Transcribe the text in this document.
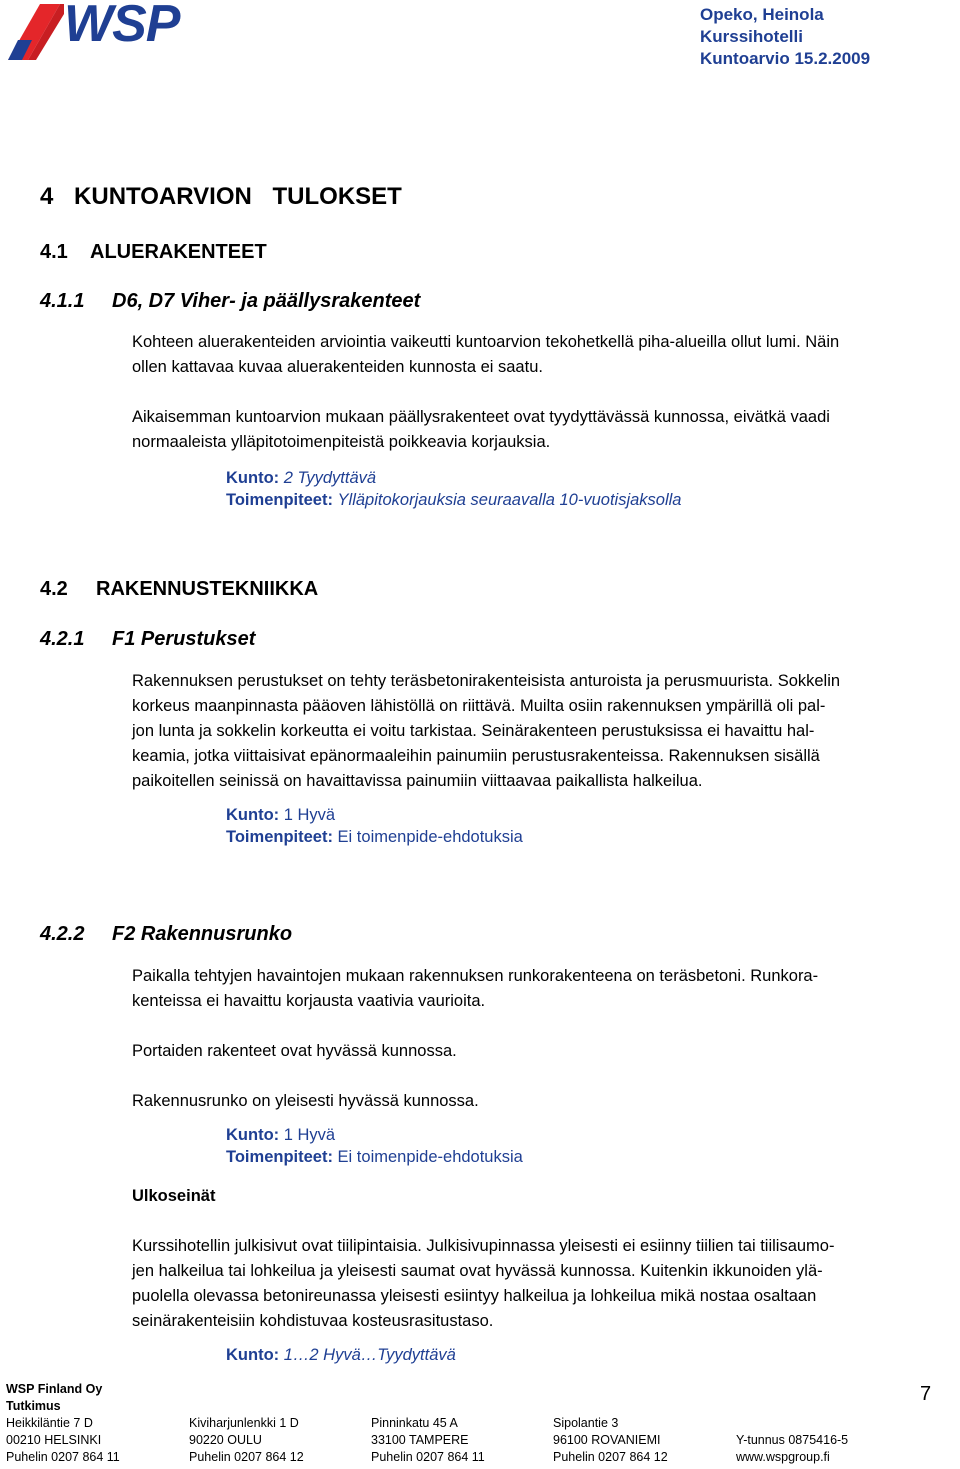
WSP	Opeko, Heinola
Kurssihotelli
Kuntoarvio 15.2.2009
4 KUNTOARVION TULOKSET
4.1 ALUERAKENTEET
4.1.1 D6, D7 Viher- ja päällysrakenteet
Kohteen aluerakenteiden arviointia vaikeutti kuntoarvion tekohetkellä piha-alueilla ollut lumi. Näin
ollen kattavaa kuvaa aluerakenteiden kunnosta ei saatu.
Aikaisemman kuntoarvion mukaan päällysrakenteet ovat tyydyttävässä kunnossa, eivätkä vaadi
normaaleista ylläpitotoimenpiteistä poikkeavia korjauksia.
Kunto: 2 Tyydyttävä
Toimenpiteet: Ylläpitokorjauksia seuraavalla 10-vuotisjaksolla
4.2 RAKENNUSTEKNIIKKA
4.2.1 F1 Perustukset
Rakennuksen perustukset on tehty teräsbetonirakenteisista anturoista ja perusmuurista. Sokkelin
korkeus maanpinnasta pääoven lähistöllä on riittävä. Muilta osiin rakennuksen ympärillä oli pal-
jon lunta ja sokkelin korkeutta ei voitu tarkistaa. Seinärakenteen perustuksissa ei havaittu hal-
keamia, jotka viittaisivat epänormaaleihin painumiin perustusrakenteissa. Rakennuksen sisällä
paikoitellen seinissä on havaittavissa painumiin viittaavaa paikallista halkeilua.
Kunto: 1 Hyvä
Toimenpiteet: Ei toimenpide-ehdotuksia
4.2.2 F2 Rakennusrunko
Paikalla tehtyjen havaintojen mukaan rakennuksen runkorakenteena on teräsbetoni. Runkora-
kenteissa ei havaittu korjausta vaativia vaurioita.
Portaiden rakenteet ovat hyvässä kunnossa.
Rakennusrunko on yleisesti hyvässä kunnossa.
Kunto: 1 Hyvä
Toimenpiteet: Ei toimenpide-ehdotuksia
Ulkoseinät
Kurssihotellin julkisivut ovat tiilipintaisia. Julkisivupinnassa yleisesti ei esiinny tiilien tai tiilisaumo-
jen halkeilua tai lohkeilua ja yleisesti saumat ovat hyvässä kunnossa. Kuitenkin ikkunoiden ylä-
puolella olevassa betonireunassa yleisesti esiintyy halkeilua ja lohkeilua mikä nostaa osaltaan
seinärakenteisiin kohdistuvaa kosteusrasitustaso.
Kunto: 1…2 Hyvä…Tyydyttävä
WSP Finland Oy
Tutkimus
7
Heikkiläntie 7 D
00210 HELSINKI
Puhelin 0207 864 11
Kiviharjunlenkki 1 D
90220 OULU
Puhelin 0207 864 12
Pinninkatu 45 A
33100 TAMPERE
Puhelin 0207 864 11
Sipolantie 3
96100 ROVANIEMI
Puhelin 0207 864 12

Y-tunnus 0875416-5
www.wspgroup.fi
